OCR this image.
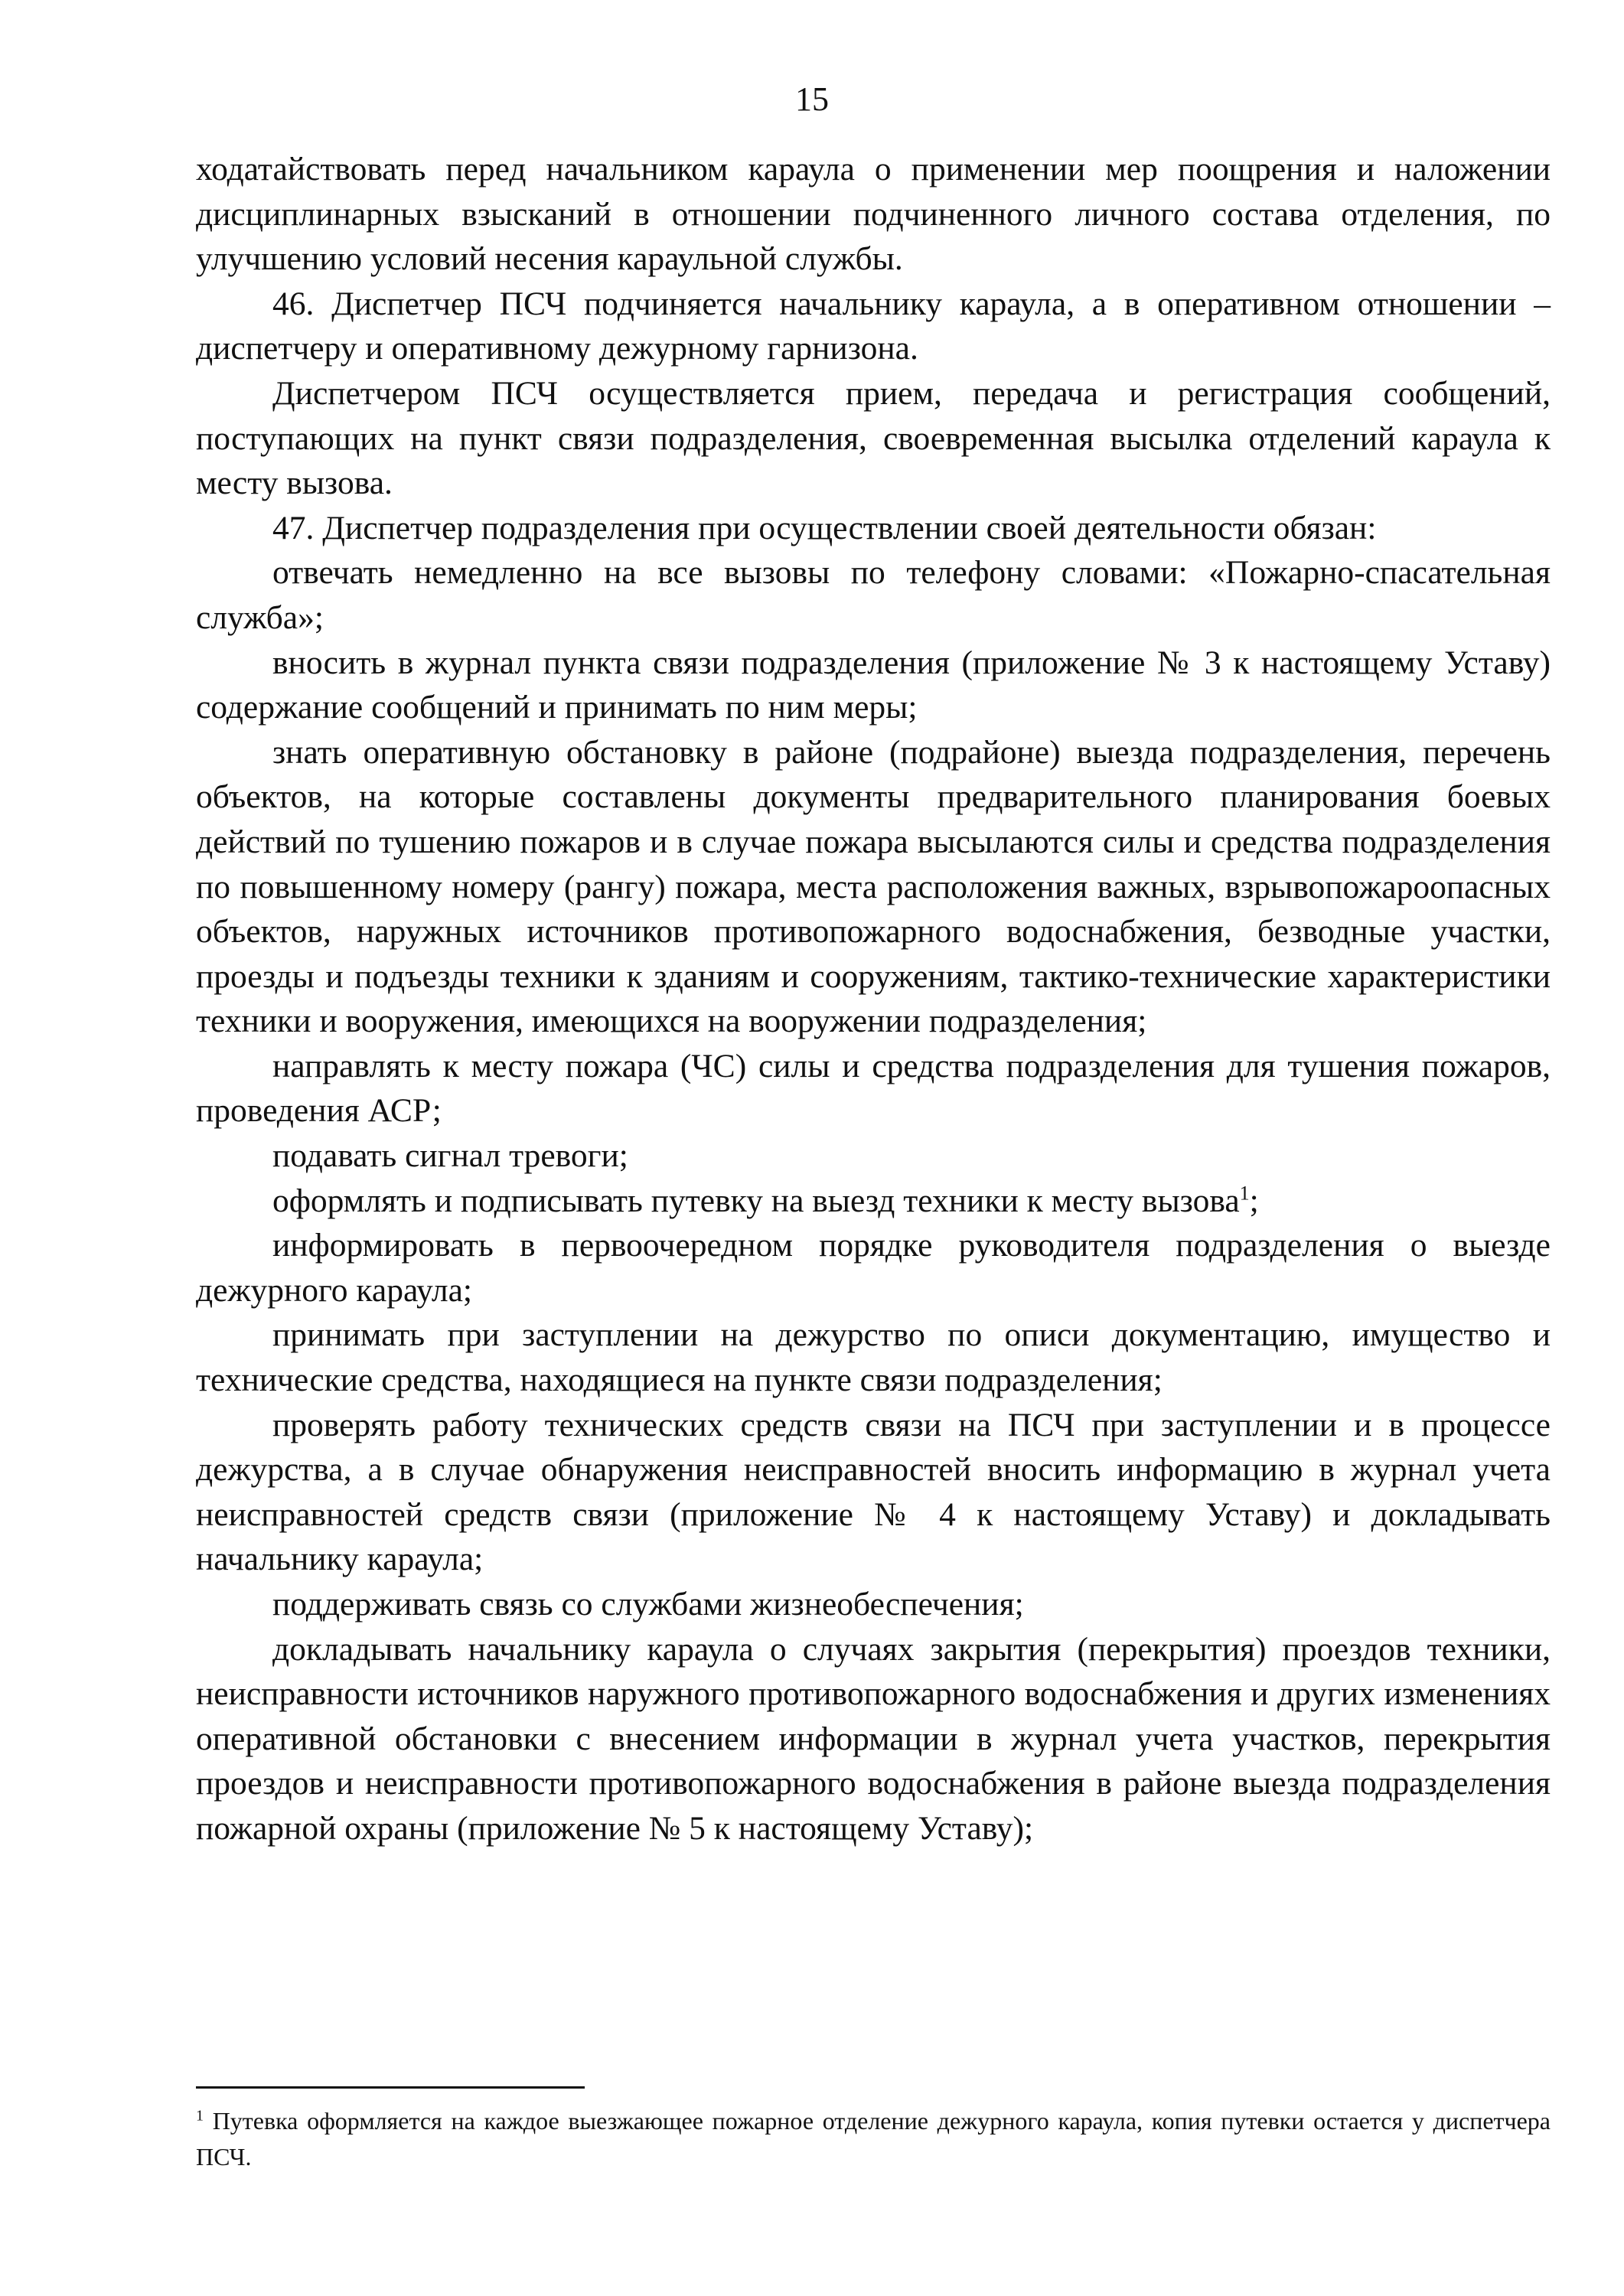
15

ходатайствовать перед начальником караула о применении мер поощрения и наложении дисциплинарных взысканий в отношении подчиненного личного состава отделения, по улучшению условий несения караульной службы.

46. Диспетчер ПСЧ подчиняется начальнику караула, а в оперативном отношении – диспетчеру и оперативному дежурному гарнизона.

Диспетчером ПСЧ осуществляется прием, передача и регистрация сообщений, поступающих на пункт связи подразделения, своевременная высылка отделений караула к месту вызова.

47. Диспетчер подразделения при осуществлении своей деятельности обязан:

отвечать немедленно на все вызовы по телефону словами: «Пожарно-спасательная служба»;

вносить в журнал пункта связи подразделения (приложение № 3 к настоящему Уставу) содержание сообщений и принимать по ним меры;

знать оперативную обстановку в районе (подрайоне) выезда подразделения, перечень объектов, на которые составлены документы предварительного планирования боевых действий по тушению пожаров и в случае пожара высылаются силы и средства подразделения по повышенному номеру (рангу) пожара, места расположения важных, взрывопожароопасных объектов, наружных источников противопожарного водоснабжения, безводные участки, проезды и подъезды техники к зданиям и сооружениям, тактико-технические характеристики техники и вооружения, имеющихся на вооружении подразделения;

направлять к месту пожара (ЧС) силы и средства подразделения для тушения пожаров, проведения АСР;

подавать сигнал тревоги;

оформлять и подписывать путевку на выезд техники к месту вызова$^1$;

информировать в первоочередном порядке руководителя подразделения о выезде дежурного караула;

принимать при заступлении на дежурство по описи документацию, имущество и технические средства, находящиеся на пункте связи подразделения;

проверять работу технических средств связи на ПСЧ при заступлении и в процессе дежурства, а в случае обнаружения неисправностей вносить информацию в журнал учета неисправностей средств связи (приложение № 4 к настоящему Уставу) и докладывать начальнику караула;

поддерживать связь со службами жизнеобеспечения;

докладывать начальнику караула о случаях закрытия (перекрытия) проездов техники, неисправности источников наружного противопожарного водоснабжения и других изменениях оперативной обстановки с внесением информации в журнал учета участков, перекрытия проездов и неисправности противопожарного водоснабжения в районе выезда подразделения пожарной охраны (приложение № 5 к настоящему Уставу);

$^1$ Путевка оформляется на каждое выезжающее пожарное отделение дежурного караула, копия путевки остается у диспетчера ПСЧ.
